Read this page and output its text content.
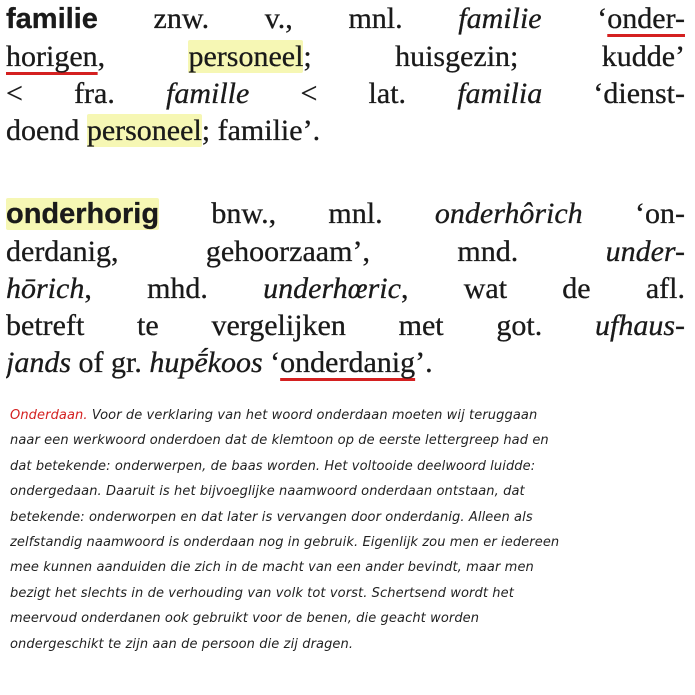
familie znw. v., mnl. familie ‘onder-
horigen, personeel; huisgezin; kudde’
< fra. famille < lat. familia ‘dienst-
doend personeel; familie’.
onderhorig bnw., mnl. onderhôrich ‘on-
derdanig, gehoorzaam’, mnd. under-
hōrich, mhd. underhœric, wat de afl.
betreft te vergelijken met got. ufhaus-
jands of gr. hupḗkoos ‘onderdanig’.
Onderdaan. Voor de verklaring van het woord onderdaan moeten wij teruggaan
naar een werkwoord onderdoen dat de klemtoon op de eerste lettergreep had en
dat betekende: onderwerpen, de baas worden. Het voltooide deelwoord luidde:
ondergedaan. Daaruit is het bijvoeglijke naamwoord onderdaan ontstaan, dat
betekende: onderworpen en dat later is vervangen door onderdanig. Alleen als
zelfstandig naamwoord is onderdaan nog in gebruik. Eigenlijk zou men er iedereen
mee kunnen aanduiden die zich in de macht van een ander bevindt, maar men
bezigt het slechts in de verhouding van volk tot vorst. Schertsend wordt het
meervoud onderdanen ook gebruikt voor de benen, die geacht worden
ondergeschikt te zijn aan de persoon die zij dragen.
